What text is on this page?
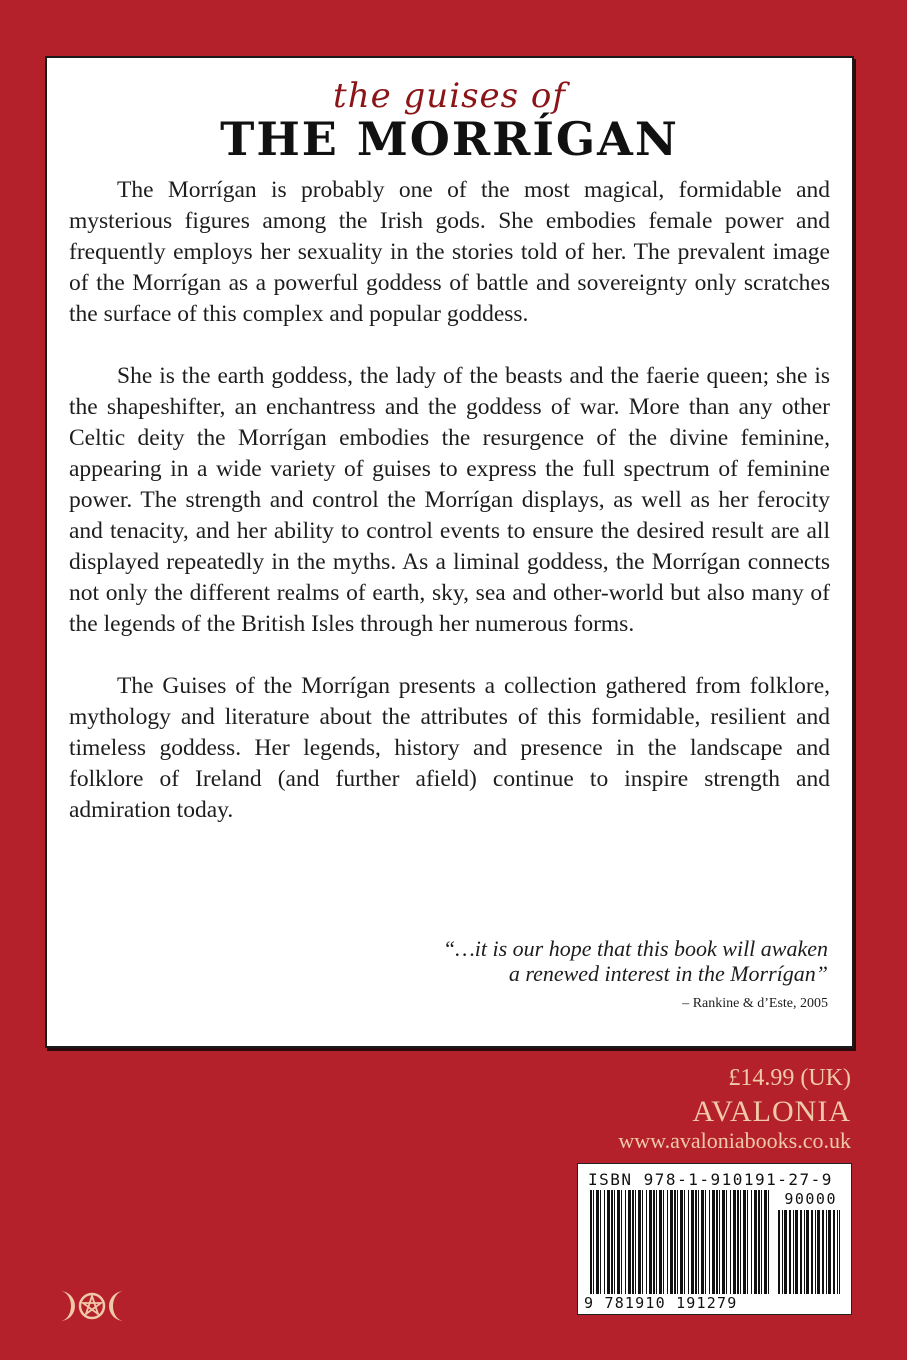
the guises of
THE MORRÍGAN

The Morrígan is probably one of the most magical, formidable and mysterious figures among the Irish gods. She embodies female power and frequently employs her sexuality in the stories told of her. The prevalent image of the Morrígan as a powerful goddess of battle and sovereignty only scratches the surface of this complex and popular goddess.

She is the earth goddess, the lady of the beasts and the faerie queen; she is the shapeshifter, an enchantress and the goddess of war. More than any other Celtic deity the Morrígan embodies the resurgence of the divine feminine, appearing in a wide variety of guises to express the full spectrum of feminine power. The strength and control the Morrígan displays, as well as her ferocity and tenacity, and her ability to control events to ensure the desired result are all displayed repeatedly in the myths. As a liminal goddess, the Morrígan connects not only the different realms of earth, sky, sea and other-world but also many of the legends of the British Isles through her numerous forms.

The Guises of the Morrígan presents a collection gathered from folklore, mythology and literature about the attributes of this formidable, resilient and timeless goddess. Her legends, history and presence in the landscape and folklore of Ireland (and further afield) continue to inspire strength and admiration today.

“…it is our hope that this book will awaken
a renewed interest in the Morrígan”
– Rankine & d’Este, 2005
£14.99 (UK)
AVALONIA
www.avaloniabooks.co.uk
ISBN 978-1-910191-27-9
90000
9 781910 191279
